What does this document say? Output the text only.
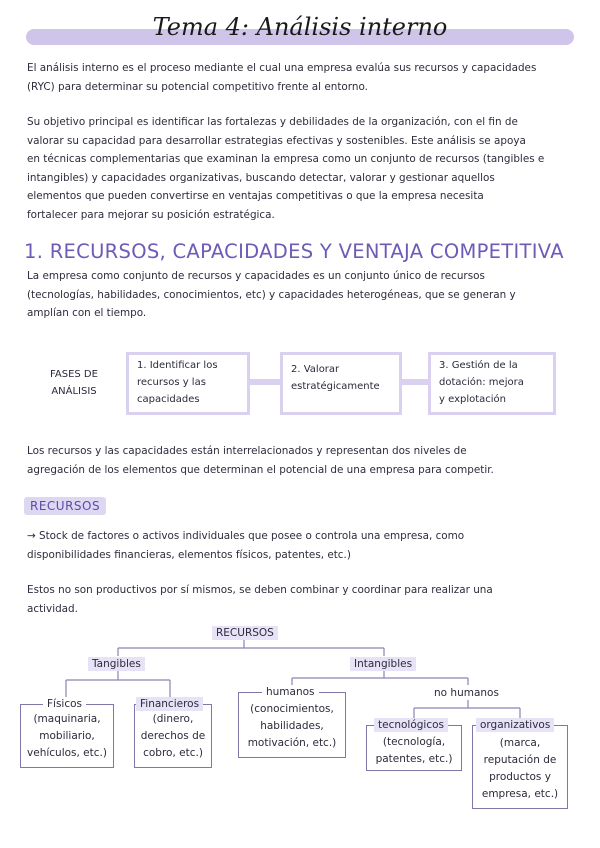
Tema 4: Análisis interno
El análisis interno es el proceso mediante el cual una empresa evalúa sus recursos y capacidades
(RYC) para determinar su potencial competitivo frente al entorno.
Su objetivo principal es identificar las fortalezas y debilidades de la organización, con el fin de
valorar su capacidad para desarrollar estrategias efectivas y sostenibles. Este análisis se apoya
en técnicas complementarias que examinan la empresa como un conjunto de recursos (tangibles e
intangibles) y capacidades organizativas, buscando detectar, valorar y gestionar aquellos
elementos que pueden convertirse en ventajas competitivas o que la empresa necesita
fortalecer para mejorar su posición estratégica.
1. RECURSOS, CAPACIDADES Y VENTAJA COMPETITIVA
La empresa como conjunto de recursos y capacidades es un conjunto único de recursos
(tecnologías, habilidades, conocimientos, etc) y capacidades heterogéneas, que se generan y
amplían con el tiempo.
FASES DE
ANÁLISIS
1. Identificar los
recursos y las
capacidades
2. Valorar
estratégicamente
3. Gestión de la
dotación: mejora
y explotación
Los recursos y las capacidades están interrelacionados y representan dos niveles de
agregación de los elementos que determinan el potencial de una empresa para competir.
RECURSOS
→ Stock de factores o activos individuales que posee o controla una empresa, como
disponibilidades financieras, elementos físicos, patentes, etc.)
Estos no son productivos por sí mismos, se deben combinar y coordinar para realizar una
actividad.
RECURSOS
Tangibles	Intangibles
(maquinaria,
mobiliario,
vehículos, etc.)
Físicos
(dinero,
derechos de
cobro, etc.)
Financieros	(conocimientos,
habilidades,
motivación, etc.)
humanos	no humanos
(tecnología,
patentes, etc.)
tecnológicos
(marca,
reputación de
productos y
empresa, etc.)
organizativos
